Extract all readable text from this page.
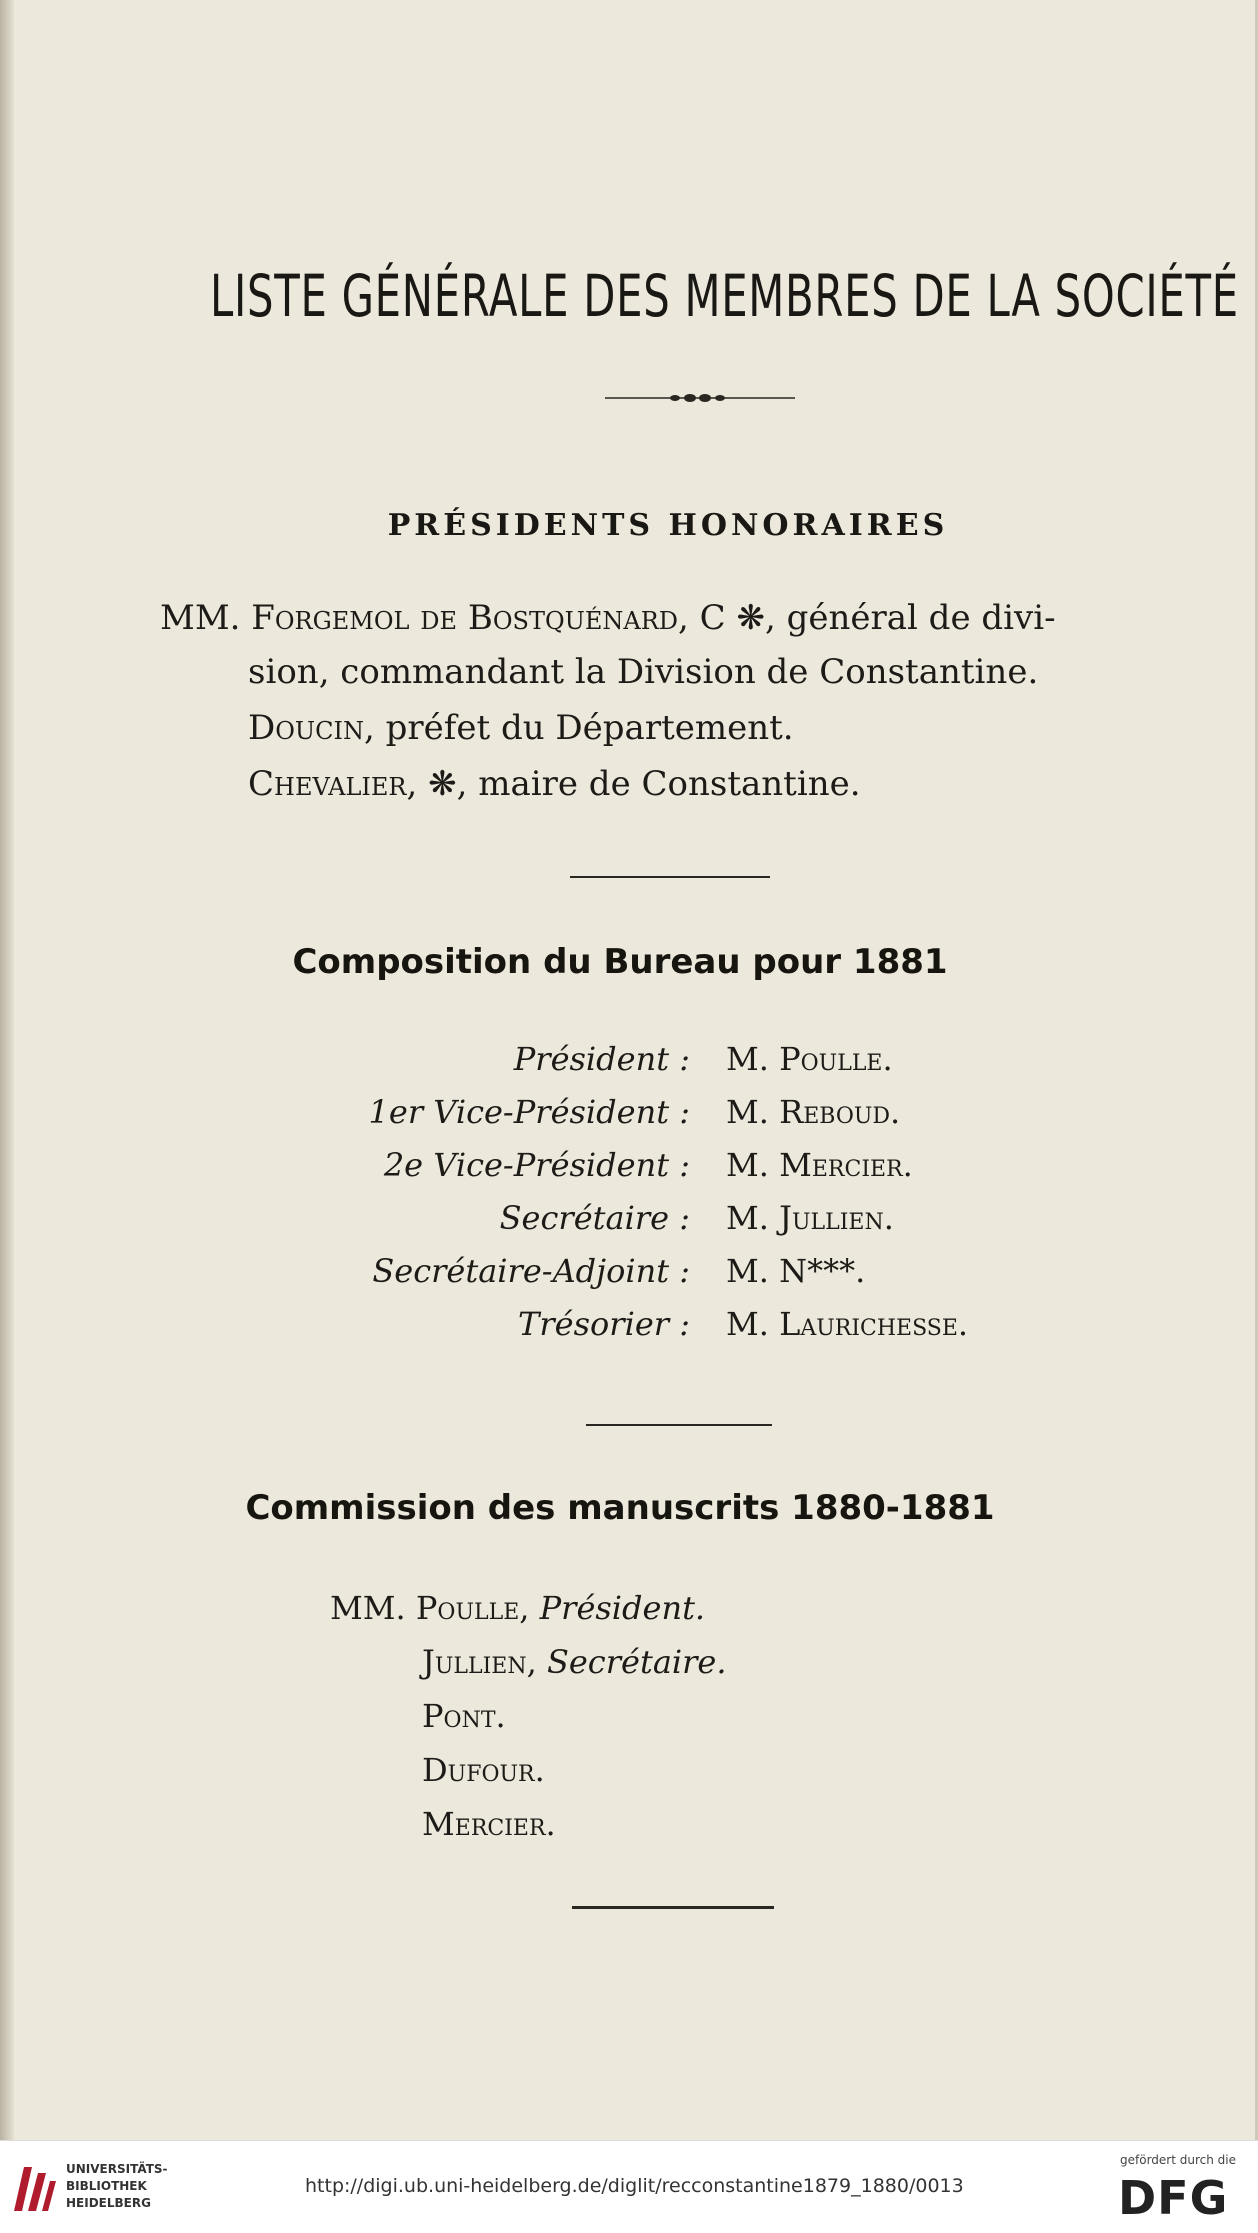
LISTE GÉNÉRALE DES MEMBRES DE LA SOCIÉTÉ
PRÉSIDENTS HONORAIRES
MM. Forgemol de Bostquénard, C ❋, général de divi-
sion, commandant la Division de Constantine.
Doucin, préfet du Département.
Chevalier, ❋, maire de Constantine.
Composition du Bureau pour 1881
Président : M. Poulle.
1er Vice-Président : M. Reboud.
2e Vice-Président : M. Mercier.
Secrétaire : M. Jullien.
Secrétaire-Adjoint : M. N***.
Trésorier : M. Laurichesse.
Commission des manuscrits 1880-1881
MM. Poulle, Président.
Jullien, Secrétaire.
Pont.
Dufour.
Mercier.
UNIVERSITÄTS-
BIBLIOTHEK
HEIDELBERG
http://digi.ub.uni-heidelberg.de/diglit/recconstantine1879_1880/0013
gefördert durch die
DFG
